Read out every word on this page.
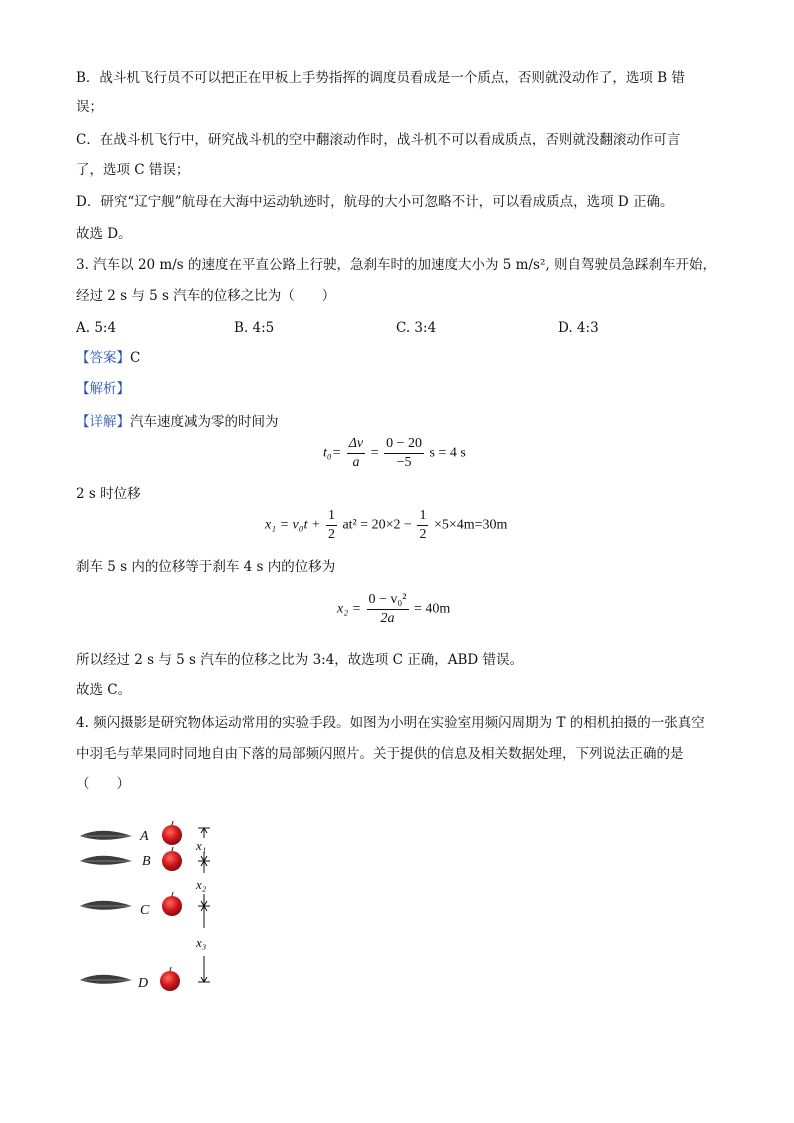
B．战斗机飞行员不可以把正在甲板上手势指挥的调度员看成是一个质点，否则就没动作了，选项 B 错
误；
C．在战斗机飞行中，研究战斗机的空中翻滚动作时，战斗机不可以看成质点，否则就没翻滚动作可言
了，选项 C 错误；
D．研究“辽宁舰”航母在大海中运动轨迹时，航母的大小可忽略不计，可以看成质点，选项 D 正确。
故选 D。
3. 汽车以 20 m/s 的速度在平直公路上行驶，急刹车时的加速度大小为 5 m/s², 则自驾驶员急踩刹车开始，
经过 2 s 与 5 s 汽车的位移之比为（　　）
A. 5:4	B. 4:5	C. 3:4	D. 4:3
【答案】C
【解析】
【详解】汽车速度减为零的时间为
$t_0= \frac{\Delta v}{a} = \frac{0 - 20}{-5}$ s = 4 s
2 s 时位移
$x_1 = v_0t + \frac{1}{2} at^2 = 20\times 2 - \frac{1}{2} \times 5\times 4m=30m$
刹车 5 s 内的位移等于刹车 4 s 内的位移为
$x_2 = \frac{\text{0 − v₀²}}{2a} = 40m$
所以经过 2 s 与 5 s 汽车的位移之比为 3:4，故选项 C 正确，ABD 错误。
故选 C。
4. 频闪摄影是研究物体运动常用的实验手段。如图为小明在实验室用频闪周期为 T 的相机拍摄的一张真空
中羽毛与苹果同时同地自由下落的局部频闪照片。关于提供的信息及相关数据处理，下列说法正确的是
（　　）
A
B
C
D
x₁
x₂
x₃
